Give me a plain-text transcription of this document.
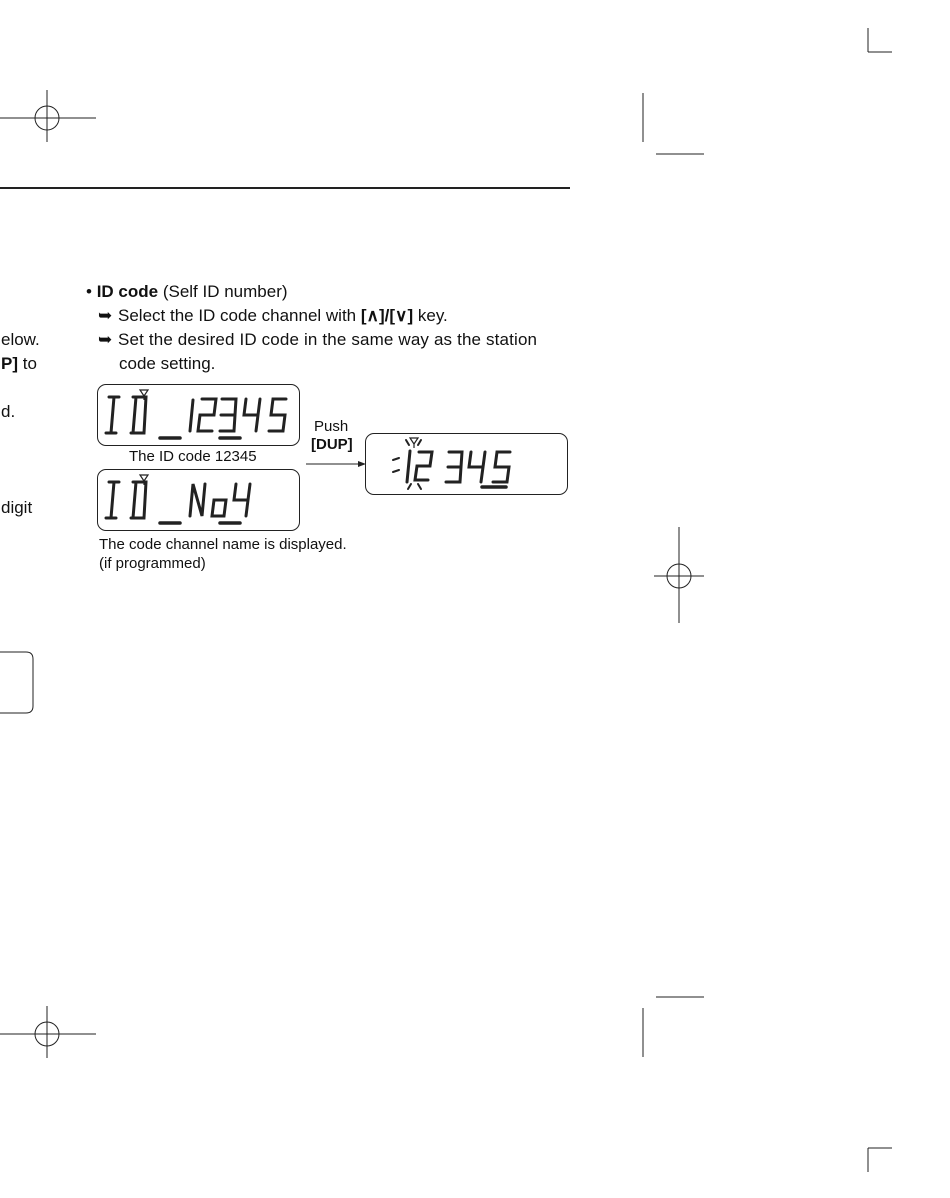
elow.
P] to
d.
digit
• ID code (Self ID number)
➥ Select the ID code channel with [∧]/[∨] key.
➥ Set the desired ID code in the same way as the station
code setting.
The ID code 12345
The code channel name is displayed.
(if programmed)
Push
[DUP]
